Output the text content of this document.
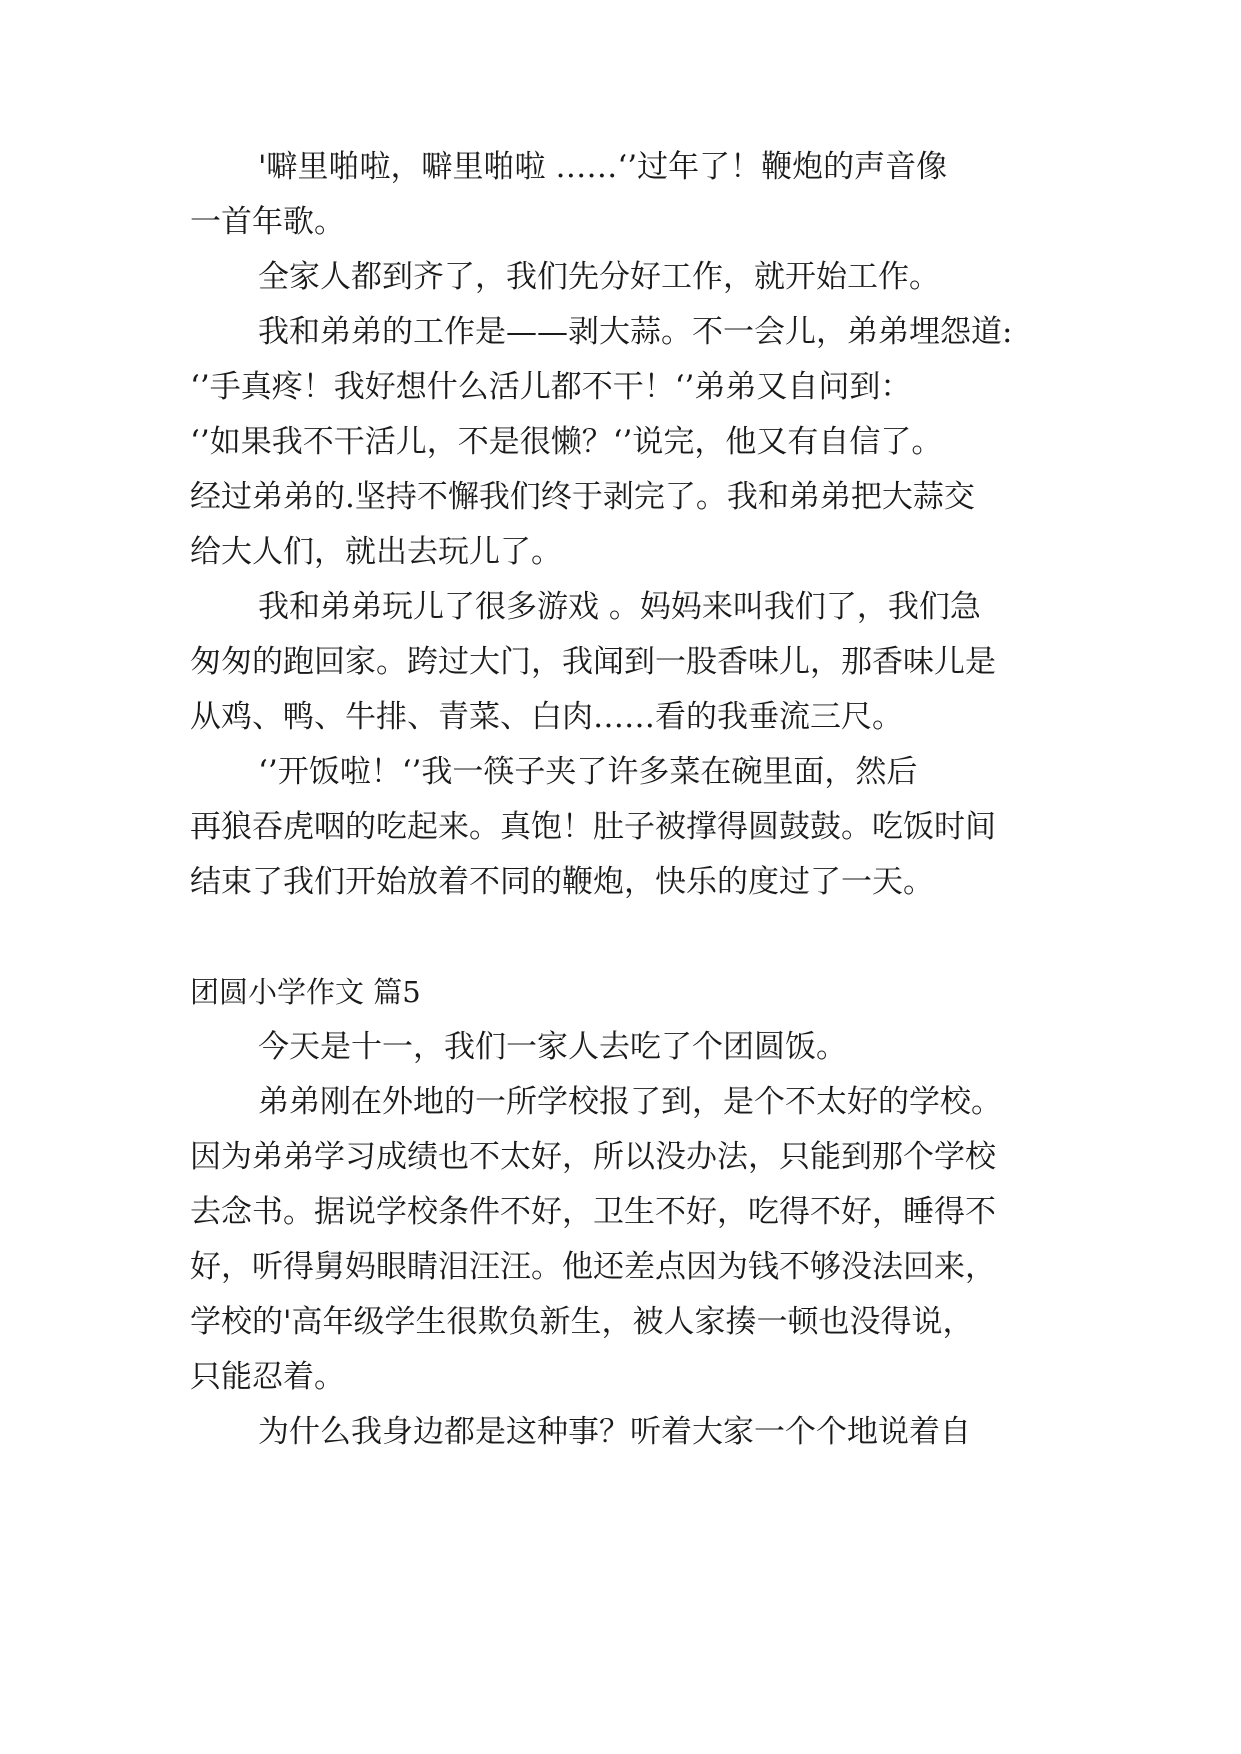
'噼里啪啦，噼里啪啦 ……‘’过年了！鞭炮的声音像
一首年歌。
全家人都到齐了，我们先分好工作，就开始工作。
我和弟弟的工作是——剥大蒜。不一会儿，弟弟埋怨道:
‘’手真疼！我好想什么活儿都不干！‘’弟弟又自问到：
‘’如果我不干活儿，不是很懒？‘’说完，他又有自信了。
经过弟弟的.坚持不懈我们终于剥完了。我和弟弟把大蒜交
给大人们，就出去玩儿了。
我和弟弟玩儿了很多游戏 。妈妈来叫我们了，我们急
匆匆的跑回家。跨过大门，我闻到一股香味儿，那香味儿是
从鸡、鸭、牛排、青菜、白肉……看的我垂流三尺。
‘’开饭啦！‘’我一筷子夹了许多菜在碗里面，然后
再狼吞虎咽的吃起来。真饱！肚子被撑得圆鼓鼓。吃饭时间
结束了我们开始放着不同的鞭炮，快乐的度过了一天。
团圆小学作文 篇5
今天是十一，我们一家人去吃了个团圆饭。
弟弟刚在外地的一所学校报了到，是个不太好的学校。
因为弟弟学习成绩也不太好，所以没办法，只能到那个学校
去念书。据说学校条件不好，卫生不好，吃得不好，睡得不
好，听得舅妈眼睛泪汪汪。他还差点因为钱不够没法回来，
学校的'高年级学生很欺负新生，被人家揍一顿也没得说，
只能忍着。
为什么我身边都是这种事？听着大家一个个地说着自
